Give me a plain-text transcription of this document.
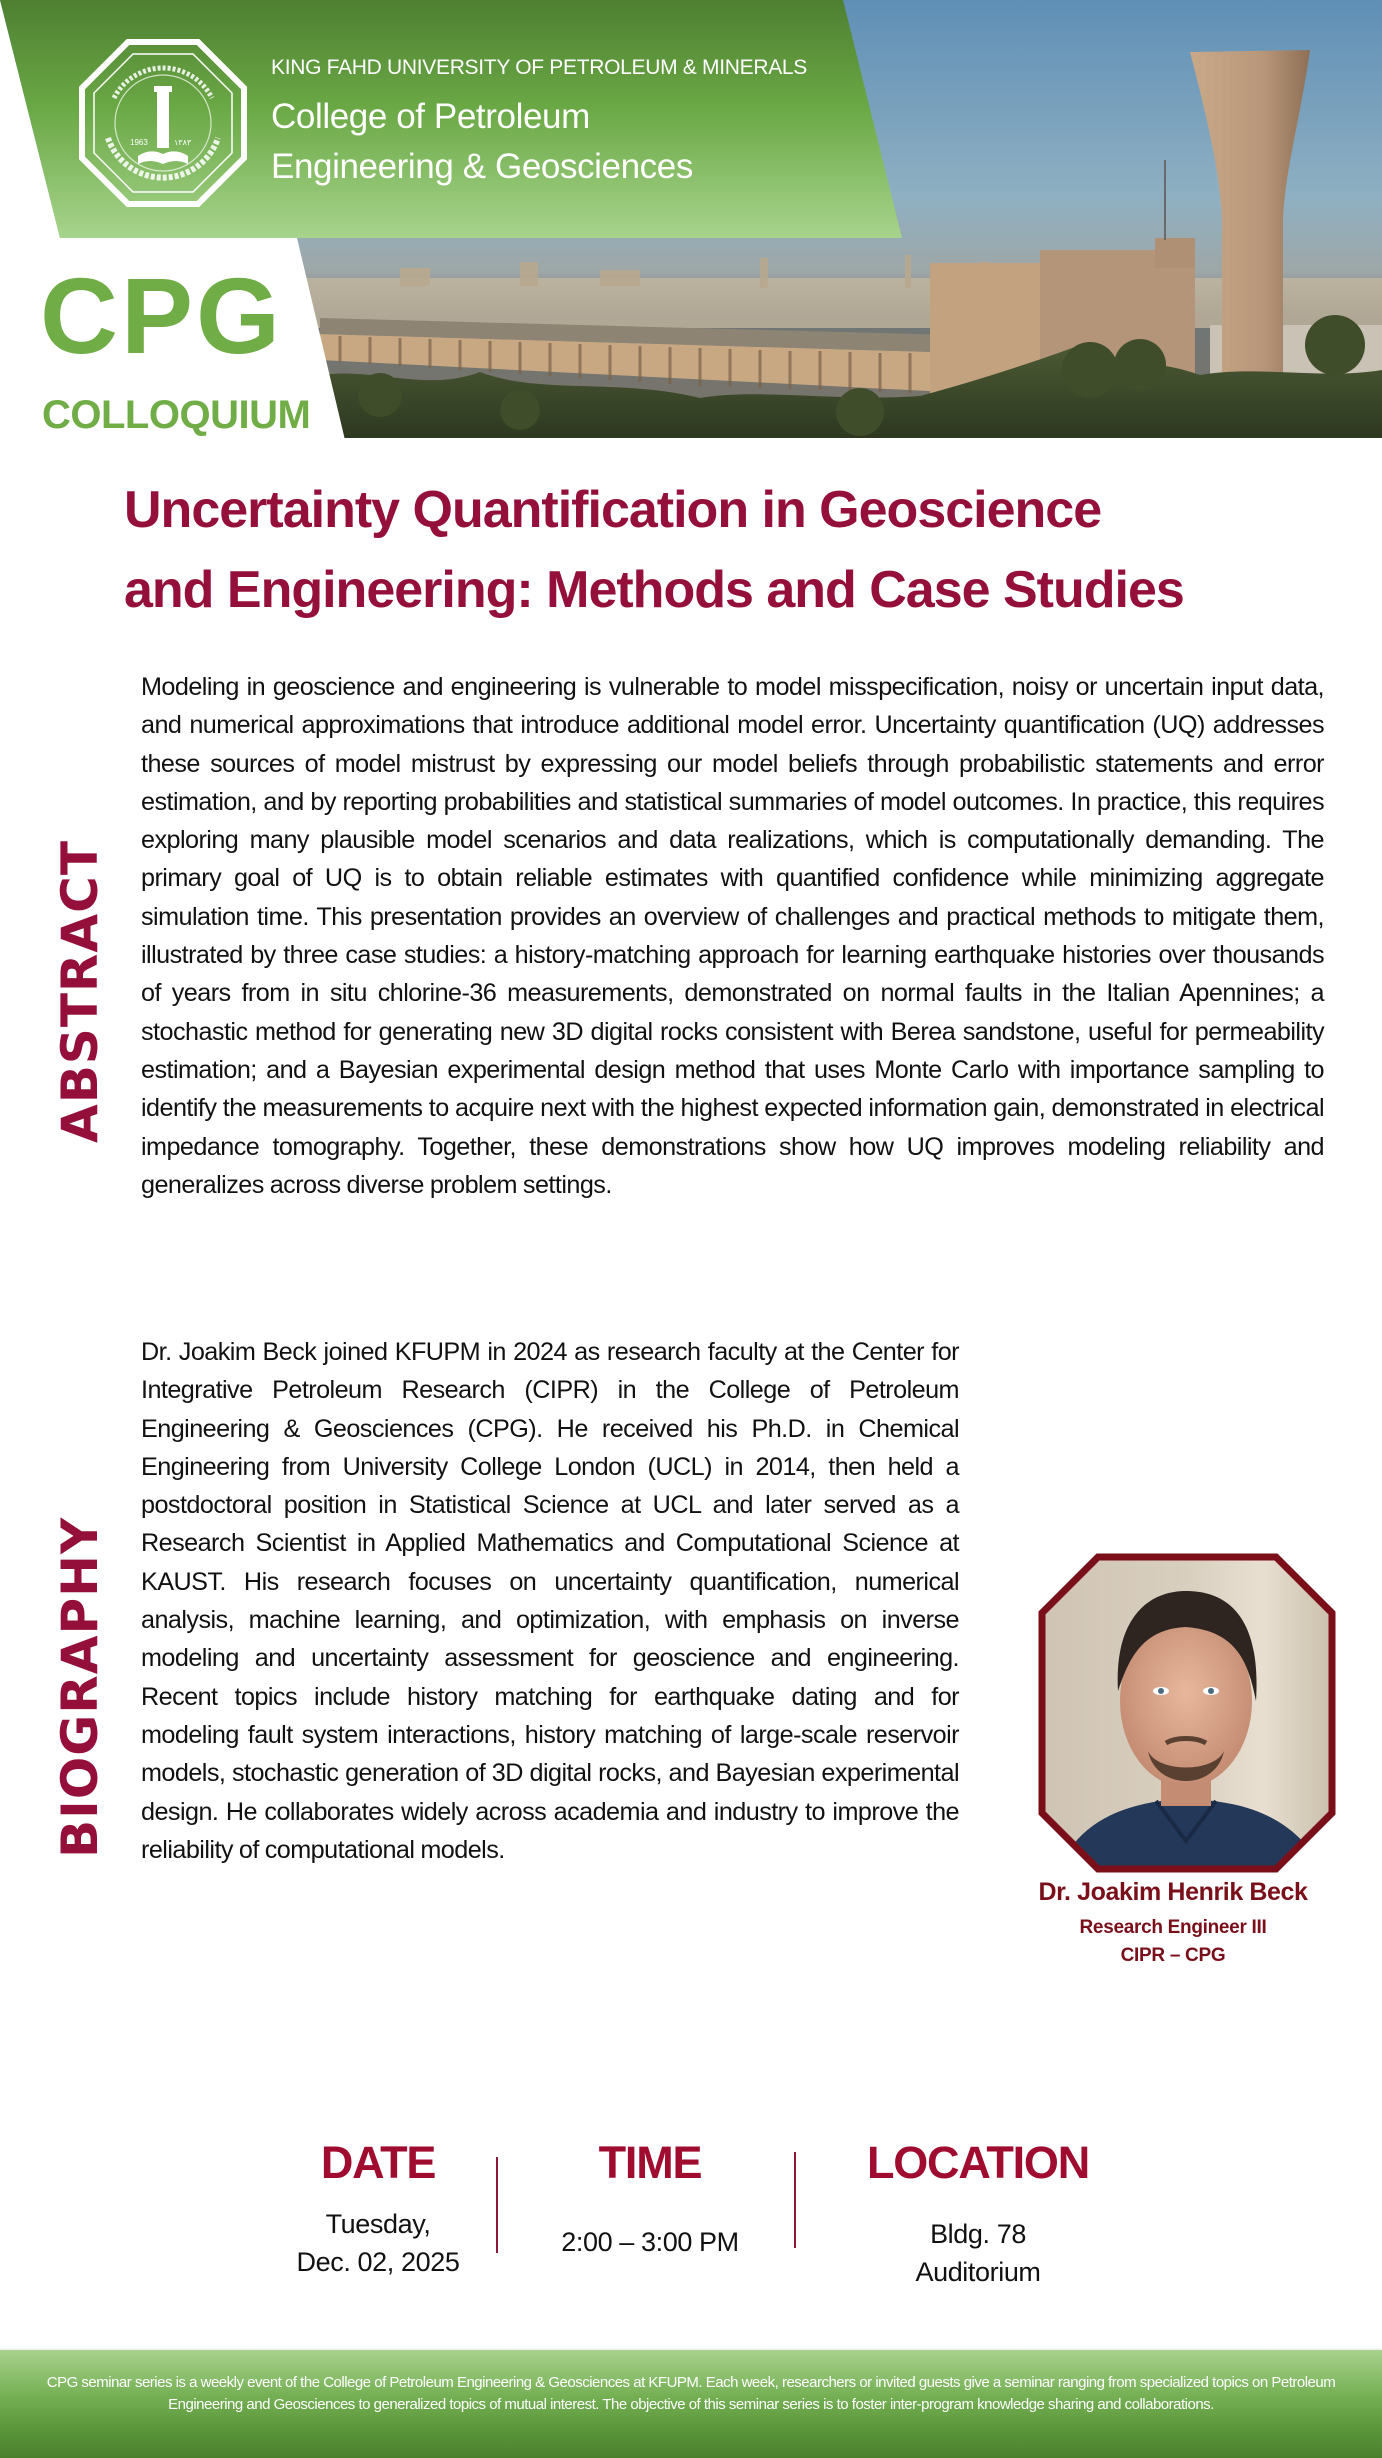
1963	١٣٨٣
KING FAHD UNIVERSITY OF PETROLEUM & MINERALS
College of Petroleum
Engineering & Geosciences
CPG
COLLOQUIUM
Uncertainty Quantification in Geoscience
and Engineering: Methods and Case Studies
ABSTRACT
Modeling in geoscience and engineering is vulnerable to model misspecification, noisy or uncertain input data, and numerical approximations that introduce additional model error. Uncertainty quantification (UQ) addresses these sources of model mistrust by expressing our model beliefs through probabilistic statements and error estimation, and by reporting probabilities and statistical summaries of model outcomes. In practice, this requires exploring many plausible model scenarios and data realizations, which is computationally demanding. The primary goal of UQ is to obtain reliable estimates with quantified confidence while minimizing aggregate simulation time. This presentation provides an overview of challenges and practical methods to mitigate them, illustrated by three case studies: a history-matching approach for learning earthquake histories over thousands of years from in situ chlorine-36 measurements, demonstrated on normal faults in the Italian Apennines; a stochastic method for generating new 3D digital rocks consistent with Berea sandstone, useful for permeability estimation; and a Bayesian experimental design method that uses Monte Carlo with importance sampling to identify the measurements to acquire next with the highest expected information gain, demonstrated in electrical impedance tomography. Together, these demonstrations show how UQ improves modeling reliability and generalizes across diverse problem settings.
BIOGRAPHY
Dr. Joakim Beck joined KFUPM in 2024 as research faculty at the Center for Integrative Petroleum Research (CIPR) in the College of Petroleum Engineering & Geosciences (CPG). He received his Ph.D. in Chemical Engineering from University College London (UCL) in 2014, then held a postdoctoral position in Statistical Science at UCL and later served as a Research Scientist in Applied Mathematics and Computational Science at KAUST. His research focuses on uncertainty quantification, numerical analysis, machine learning, and optimization, with emphasis on inverse modeling and uncertainty assessment for geoscience and engineering. Recent topics include history matching for earthquake dating and for modeling fault system interactions, history matching of large-scale reservoir models, stochastic generation of 3D digital rocks, and Bayesian experimental design. He collaborates widely across academia and industry to improve the reliability of computational models.
Dr. Joakim Henrik Beck
Research Engineer III
CIPR – CPG
DATE
Tuesday,
Dec. 02, 2025
TIME
2:00 – 3:00 PM
LOCATION
Bldg. 78
Auditorium
CPG seminar series is a weekly event of the College of Petroleum Engineering & Geosciences at KFUPM. Each week, researchers or invited guests give a seminar ranging from specialized topics on Petroleum Engineering and Geosciences to generalized topics of mutual interest. The objective of this seminar series is to foster inter-program knowledge sharing and collaborations.
